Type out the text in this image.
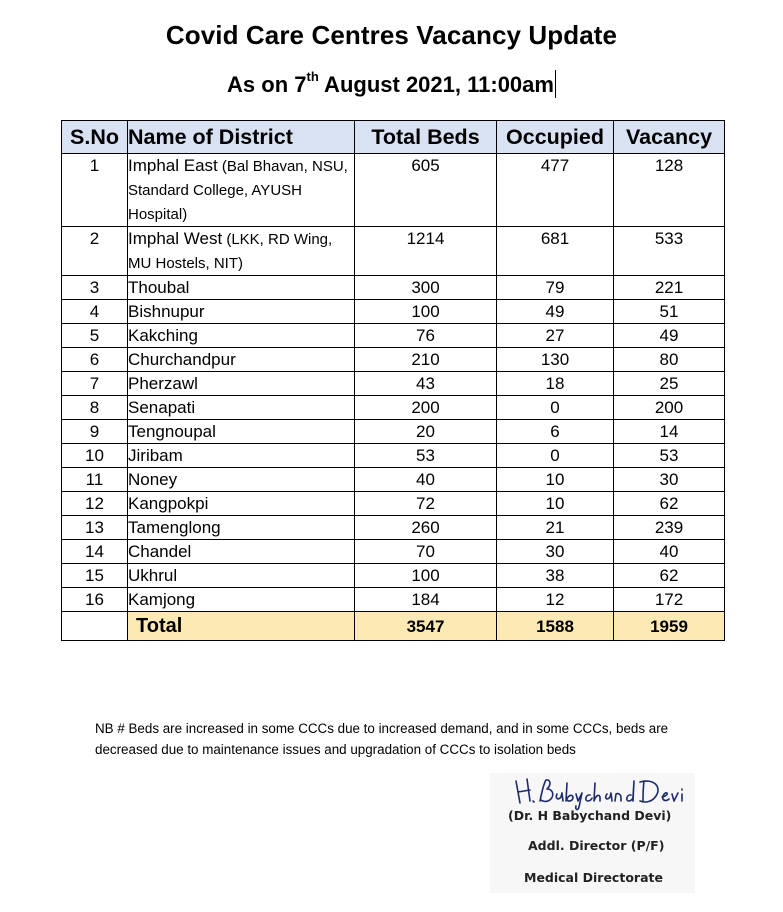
Covid Care Centres Vacancy Update
As on 7th August 2021, 11:00am
S.No	Name of District	Total Beds	Occupied	Vacancy
1	Imphal East (Bal Bhavan, NSU, Standard College, AYUSH Hospital)	605	477	128
2	Imphal West (LKK, RD Wing, MU Hostels, NIT)	1214	681	533
3	Thoubal	300	79	221
4	Bishnupur	100	49	51
5	Kakching	76	27	49
6	Churchandpur	210	130	80
7	Pherzawl	43	18	25
8	Senapati	200	0	200
9	Tengnoupal	20	6	14
10	Jiribam	53	0	53
11	Noney	40	10	30
12	Kangpokpi	72	10	62
13	Tamenglong	260	21	239
14	Chandel	70	30	40
15	Ukhrul	100	38	62
16	Kamjong	184	12	172
	Total	3547	1588	1959
NB # Beds are increased in some CCCs due to increased demand, and in some CCCs, beds are decreased due to maintenance issues and upgradation of CCCs to isolation beds
(Dr. H Babychand Devi)
Addl. Director (P/F)
Medical Directorate
